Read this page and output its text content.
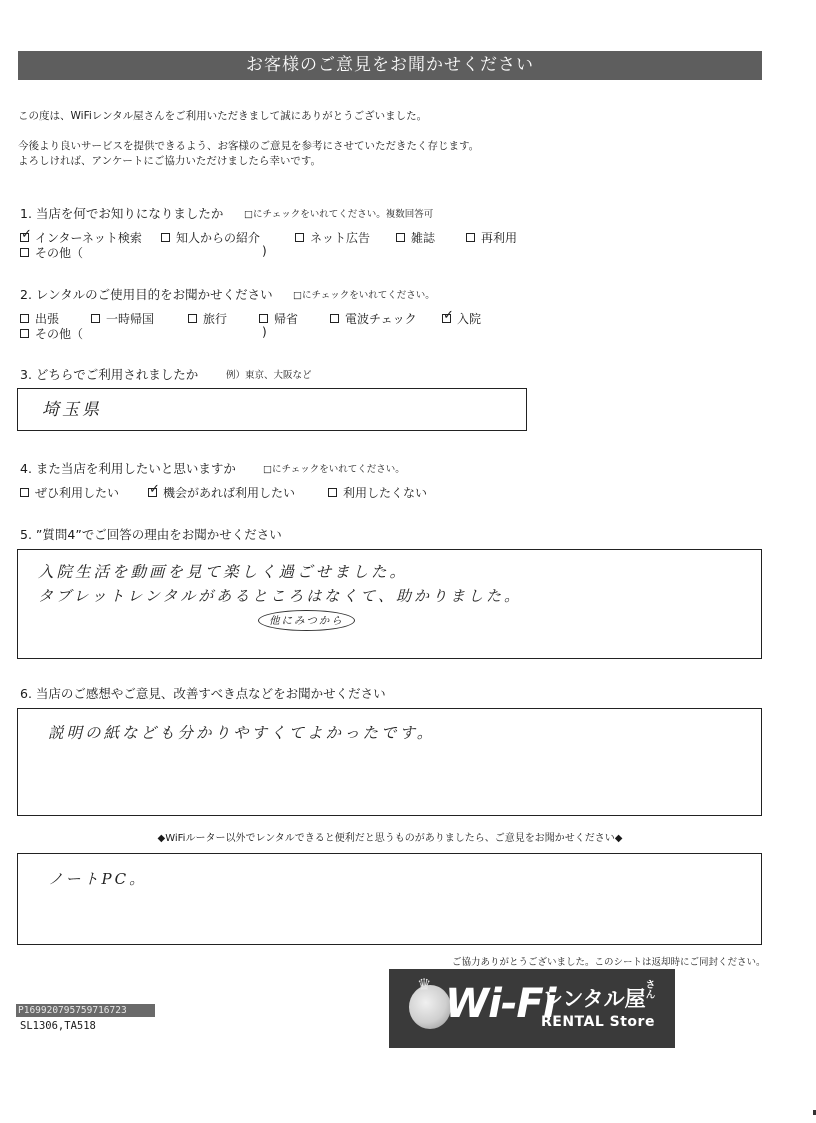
お客様のご意見をお聞かせください
この度は、WiFiレンタル屋さんをご利用いただきまして誠にありがとうございました。
今後より良いサービスを提供できるよう、お客様のご意見を参考にさせていただきたく存じます。
よろしければ、アンケートにご協力いただけましたら幸いです。
1. 当店を何でお知りになりましたか □にチェックをいれてください。複数回答可
✓
インターネット検索	知人からの紹介	ネット広告	雑誌	再利用
その他（	)
2. レンタルのご使用目的をお聞かせください □にチェックをいれてください。
出張	一時帰国	旅行	帰省	電波チェック ✓	入院
その他（	)
3. どちらでご利用されましたか	例）東京、大阪など
埼玉県
4. また当店を利用したいと思いますか	□にチェックをいれてください。
ぜひ利用したい ✓	機会があれば利用したい	利用したくない
5. ”質問4”でご回答の理由をお聞かせください
入院生活を動画を見て楽しく過ごせました。
タブレットレンタルがあるところはなくて、助かりました。
他にみつから
6. 当店のご感想やご意見、改善すべき点などをお聞かせください
説明の紙なども分かりやすくてよかったです。
◆WiFiルーター以外でレンタルできると便利だと思うものがありましたら、ご意見をお聞かせください◆
ノートPC。
ご協力ありがとうございました。このシートは返却時にご同封ください。
P169920795759716723
SL1306,TA518
♛ Wi-Fi
レンタル屋
さん
RENTAL Store
